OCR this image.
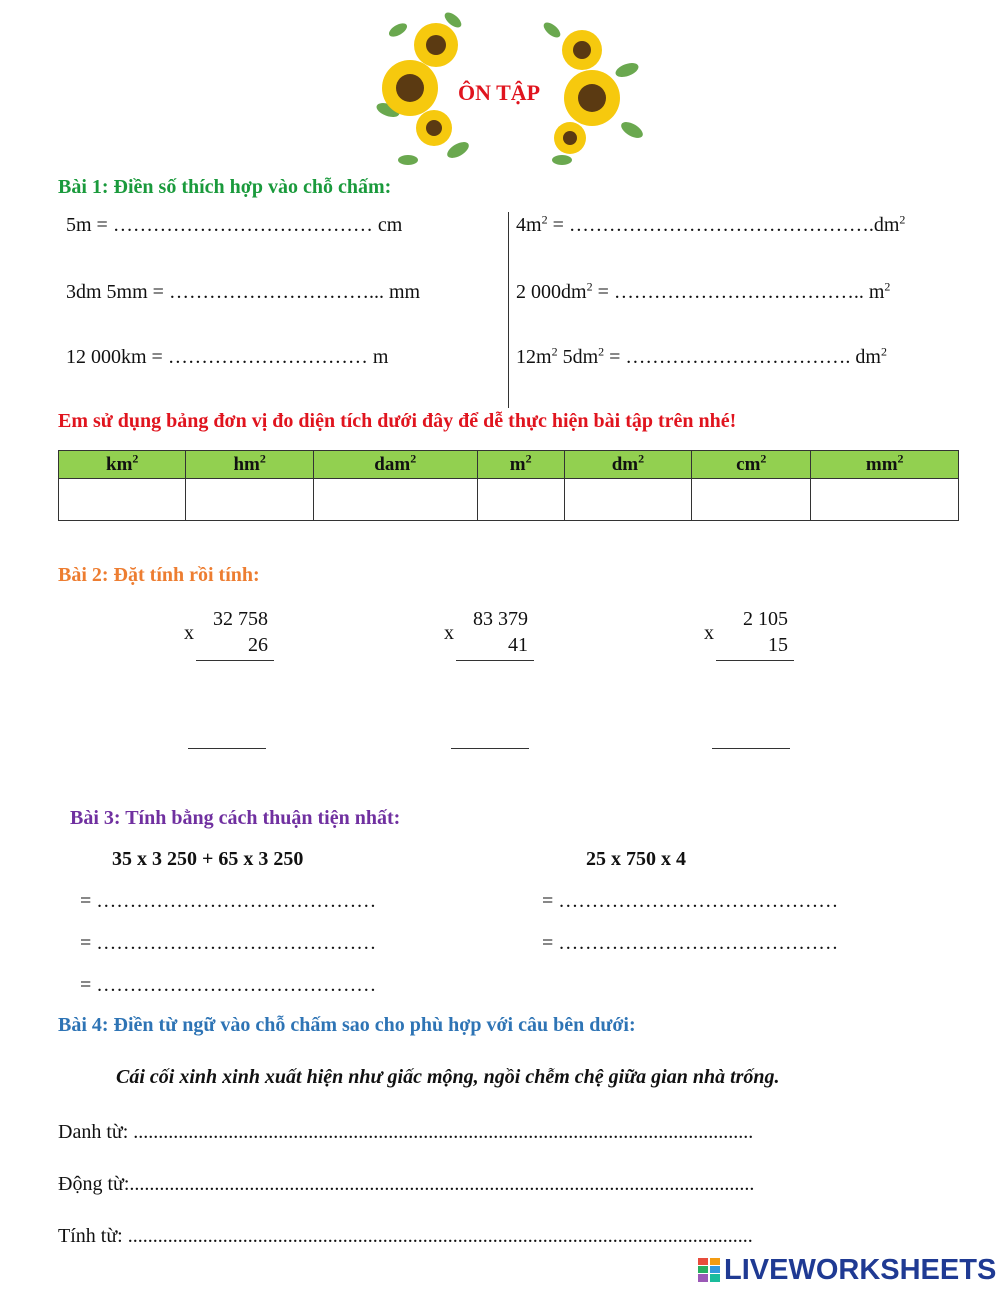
ÔN TẬP
Bài 1: Điền số thích hợp vào chỗ chấm:
5m = ………………………………… cm
3dm 5mm = …………………………... mm
12 000km = ………………………… m
$4m^2$ = $\dots\dots\dots\dots\dots\dots\dots\dots\dots\dots\dots\dots\dots\dots\dots.dm^2$
2 $000dm^2$ = ……………………………….. $m^2$
$12m^2$ $5dm^2$ = ……………………………. $dm^2$
Em sử dụng bảng đơn vị đo diện tích dưới đây để dễ thực hiện bài tập trên nhé!
$km^2$	$hm^2$	dam$^2$	$m^2$	$dm^2$	$cm^2$	$mm^2$

Bài 2: Đặt tính rồi tính:
x
32 758
26
x
83 379
41
x
2 105
15
Bài 3: Tính bằng cách thuận tiện nhất:
35 x 3 250 + 65 x 3 250	25 x 750 x 4
= ……………………………………
= ……………………………………
= ……………………………………
= ……………………………………
= ……………………………………
Bài 4: Điền từ ngữ vào chỗ chấm sao cho phù hợp với câu bên dưới:
Cái cối xinh xinh xuất hiện như giấc mộng, ngồi chễm chệ giữa gian nhà trống.
Danh từ: ............................................................................................................................
Động từ:.............................................................................................................................
Tính từ: .............................................................................................................................
LIVEWORKSHEETS
